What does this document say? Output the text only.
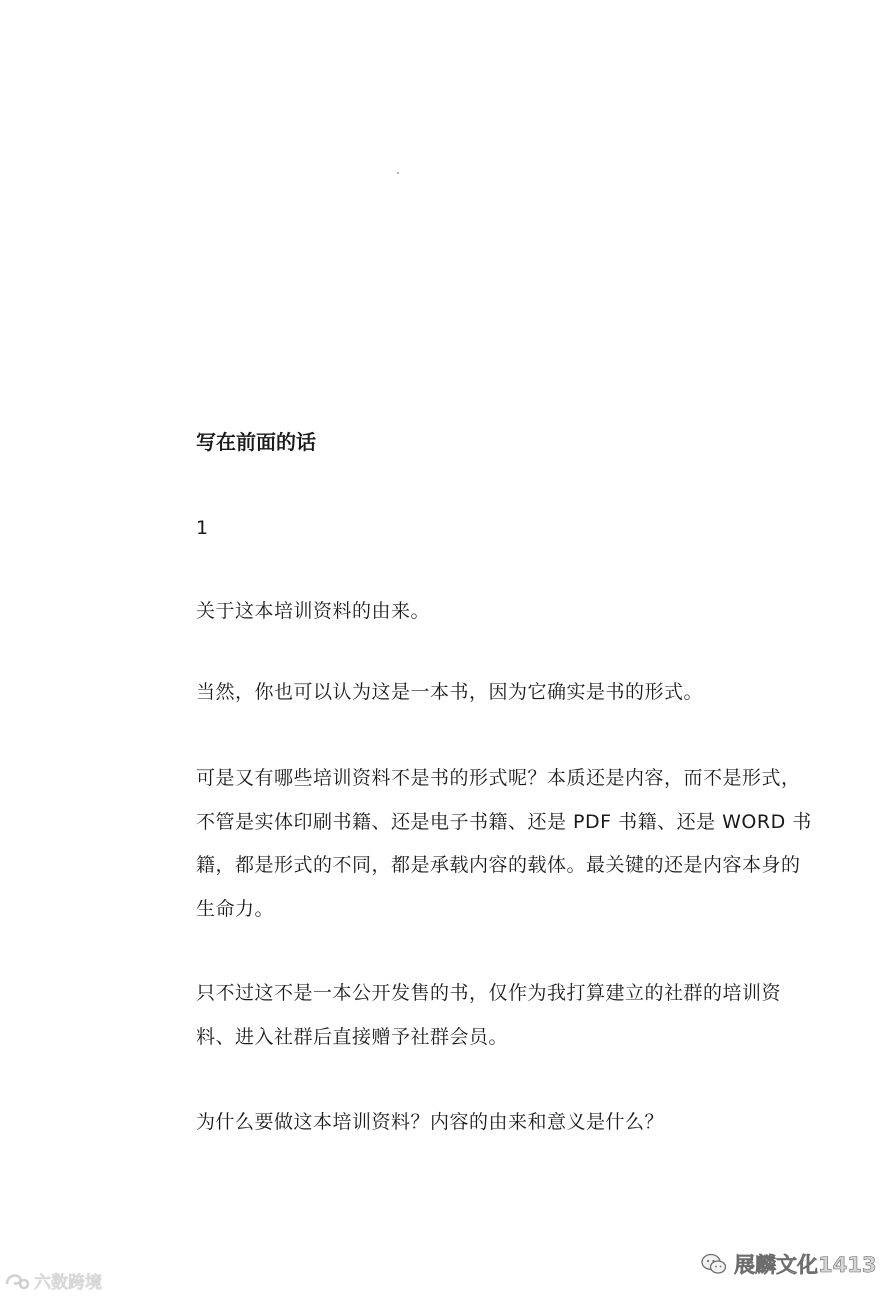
写在前面的话
1

关于这本培训资料的由来。

当然，你也可以认为这是一本书，因为它确实是书的形式。

可是又有哪些培训资料不是书的形式呢？本质还是内容，而不是形式，不管是实体印刷书籍、还是电子书籍、还是 PDF 书籍、还是 WORD 书籍，都是形式的不同，都是承载内容的载体。最关键的还是内容本身的生命力。

只不过这不是一本公开发售的书，仅作为我打算建立的社群的培训资料、进入社群后直接赠予社群会员。

为什么要做这本培训资料？内容的由来和意义是什么？

六数跨境
展麟文化1413
